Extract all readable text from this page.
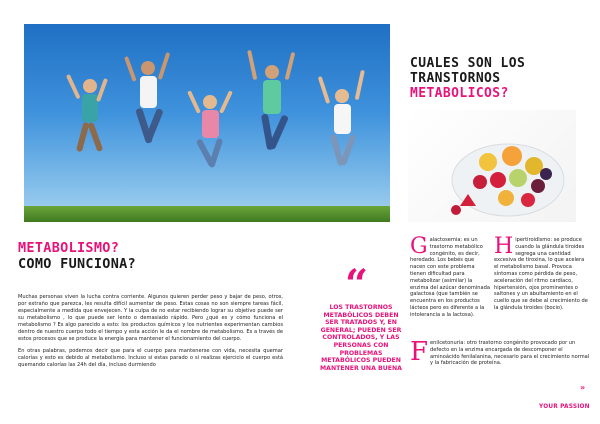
CUALES SON LOS
TRANSTORNOS
METABOLICOS?
METABOLISMO?
COMO FUNCIONA?

Muchas personas viven la lucha contra corriente. Algunos quieren perder peso y bajar de peso, otros, por extraño que parezca, les resulta difícil aumentar de peso. Estas cosas no son siempre tareas fácil, especialmente a medida que envejecen. Y la culpa de no estar recibiendo lograr su objetivo puede ser su metabolismo , lo que puede ser lento o demasiado rápido. Pero ¿qué es y cómo funciona el metabolismo ? Es algo parecido a esto: los productos químicos y los nutrientes experimentan cambios dentro de nuestro cuerpo todo el tiempo y esta acción le da el nombre de metabolismo. Es a través de estos procesos que se produce la energía para mantener el funcionamiento del cuerpo.

En otras palabras, podemos decir que para el cuerpo para mantenerse con vida, necesita quemar calorías y esto es debido al metabolismo. Incluso si estas parado o si realizas ejercicio el cuerpo está quemando calorías las 24h del día, incluso durmiendo

“
LOS TRASTORNOS METABÓLICOS DEBEN SER TRATADOS Y, EN GENERAL; PUEDEN SER CONTROLADOS, Y LAS PERSONAS CON PROBLEMAS METABÓLICOS PUEDEN MANTENER UNA BUENA
Galactosemia: es un trastorno metabólico congénito, es decir, heredado. Los bebés que nacen con este problema tienen dificultad para metabolizar (asimilar) la enzima del azúcar denominada galactosa (que también se encuentra en los productos lácteos pero es diferente a la intolerancia a la lactosa).
Hipertiroidismo: se produce cuando la glándula tiroides segrega una cantidad excesiva de tiroxina, lo que acelera el metabolismo basal. Provoca síntomas como pérdida de peso, aceleración del ritmo cardíaco, hipertensión, ojos prominentes o saltones y un abultamiento en el cuello que se debe al crecimiento de la glándula tiroides (bocio).
Fenilcetonuria: otro trastorno congénito provocado por un defecto en la enzima encargada de descomponer el aminoácido fenilalanina, necesario para el crecimiento normal y la fabricación de proteína.
»
YOUR PASSION
